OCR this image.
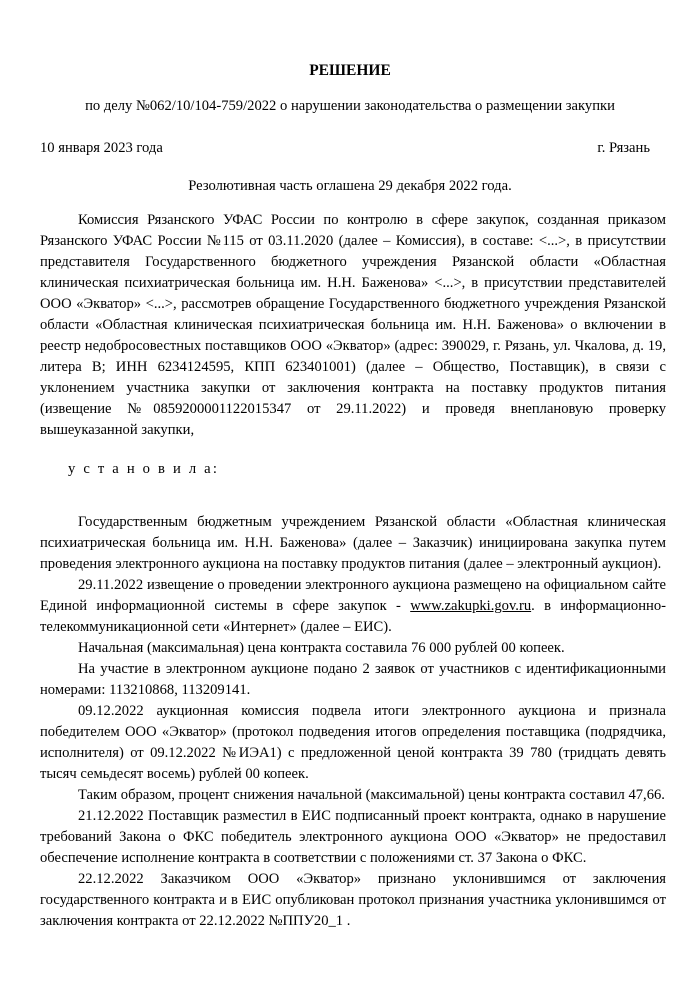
РЕШЕНИЕ
по делу №062/10/104-759/2022 о нарушении законодательства о размещении закупки
10 января 2023 года	г. Рязань
Резолютивная часть оглашена 29 декабря 2022 года.

Комиссия Рязанского УФАС России по контролю в сфере закупок, созданная приказом Рязанского УФАС России №115 от 03.11.2020 (далее – Комиссия), в составе: <...>, в присутствии представителя Государственного бюджетного учреждения Рязанской области «Областная клиническая психиатрическая больница им. Н.Н. Баженова» <...>, в присутствии представителей ООО «Экватор» <...>, рассмотрев обращение Государственного бюджетного учреждения Рязанской области «Областная клиническая психиатрическая больница им. Н.Н. Баженова» о включении в реестр недобросовестных поставщиков ООО «Экватор» (адрес: 390029, г. Рязань, ул. Чкалова, д. 19, литера В; ИНН 6234124595, КПП 623401001) (далее – Общество, Поставщик), в связи с уклонением участника закупки от заключения контракта на поставку продуктов питания (извещение №0859200001122015347 от 29.11.2022) и проведя внеплановую проверку вышеуказанной закупки,

у с т а н о в и л а:

Государственным бюджетным учреждением Рязанской области «Областная клиническая психиатрическая больница им. Н.Н. Баженова» (далее – Заказчик) инициирована закупка путем проведения электронного аукциона на поставку продуктов питания (далее – электронный аукцион).

29.11.2022 извещение о проведении электронного аукциона размещено на официальном сайте Единой информационной системы в сфере закупок - www.zakupki.gov.ru. в информационно-телекоммуникационной сети «Интернет» (далее – ЕИС).

Начальная (максимальная) цена контракта составила 76 000 рублей 00 копеек.

На участие в электронном аукционе подано 2 заявок от участников с идентификационными номерами: 113210868, 113209141.

09.12.2022 аукционная комиссия подвела итоги электронного аукциона и признала победителем ООО «Экватор» (протокол подведения итогов определения поставщика (подрядчика, исполнителя) от 09.12.2022 №ИЭА1) с предложенной ценой контракта 39 780 (тридцать девять тысяч семьдесят восемь) рублей 00 копеек.

Таким образом, процент снижения начальной (максимальной) цены контракта составил 47,66.

21.12.2022 Поставщик разместил в ЕИС подписанный проект контракта, однако в нарушение требований Закона о ФКС победитель электронного аукциона ООО «Экватор» не предоставил обеспечение исполнение контракта в соответствии с положениями ст. 37 Закона о ФКС.

22.12.2022 Заказчиком ООО «Экватор» признано уклонившимся от заключения государственного контракта и в ЕИС опубликован протокол признания участника уклонившимся от заключения контракта от 22.12.2022 №ППУ20_1 .
